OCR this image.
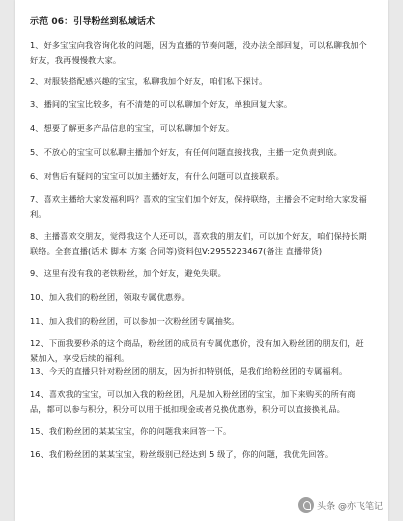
示范 06：引导粉丝到私域话术
1、好多宝宝向我咨询化妆的问题，因为直播的节奏问题，没办法全部回复，可以私聊我加个好友，我再慢慢教大家。
2、对服装搭配感兴趣的宝宝，私聊我加个好友，咱们私下探讨。
3、播间的宝宝比较多，有不清楚的可以私聊加个好友，单独回复大家。
4、想要了解更多产品信息的宝宝，可以私聊加个好友。
5、不放心的宝宝可以私聊主播加个好友，有任何问题直接找我，主播一定负责到底。
6、对售后有疑问的宝宝可以加主播好友，有什么问题可以直接联系。
7、喜欢主播给大家发福利吗？喜欢的宝宝们加个好友，保持联络，主播会不定时给大家发福利。
8、主播喜欢交朋友，觉得我这个人还可以，喜欢我的朋友们，可以加个好友，咱们保持长期联络。全套直播(话术 脚本 方案 合同等)资料包V:2955223467(备注 直播带货)
9、这里有没有我的老铁粉丝，加个好友，避免失联。
10、加入我们的粉丝团，领取专属优惠券。
11、加入我们的粉丝团，可以参加一次粉丝团专属抽奖。
12、下面我要秒杀的这个商品，粉丝团的成员有专属优惠价，没有加入粉丝团的朋友们，赶紧加入，享受后续的福利。
13、今天的直播只针对粉丝团的朋友，因为折扣特别低，是我们给粉丝团的专属福利。
14、喜欢我的宝宝，可以加入我的粉丝团，凡是加入粉丝团的宝宝，加下来购买的所有商品，都可以参与积分，积分可以用于抵扣现金或者兑换优惠券，积分可以直接换礼品。
15、我们粉丝团的某某宝宝，你的问题我来回答一下。
16、我们粉丝团的某某宝宝，粉丝级别已经达到 5 级了，你的问题，我优先回答。
头条 @亦飞笔记
